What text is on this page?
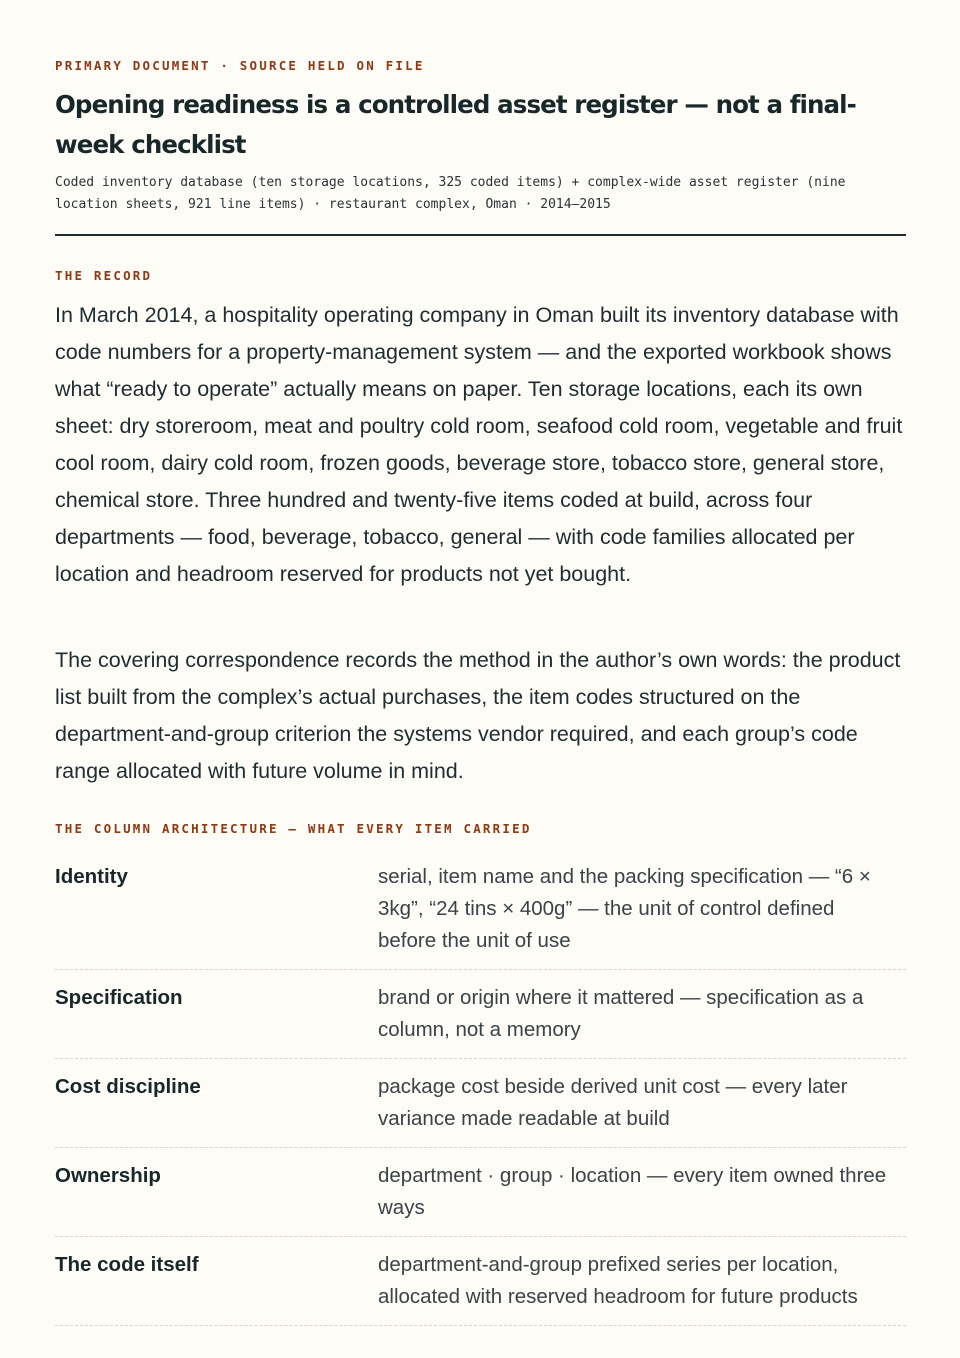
PRIMARY DOCUMENT · SOURCE HELD ON FILE
Opening readiness is a controlled asset register — not a final-week checklist
Coded inventory database (ten storage locations, 325 coded items) + complex-wide asset register (nine location sheets, 921 line items) · restaurant complex, Oman · 2014–2015
THE RECORD

In March 2014, a hospitality operating company in Oman built its inventory database with code numbers for a property-management system — and the exported workbook shows what “ready to operate” actually means on paper. Ten storage locations, each its own sheet: dry storeroom, meat and poultry cold room, seafood cold room, vegetable and fruit cool room, dairy cold room, frozen goods, beverage store, tobacco store, general store, chemical store. Three hundred and twenty-five items coded at build, across four departments — food, beverage, tobacco, general — with code families allocated per location and headroom reserved for products not yet bought.

The covering correspondence records the method in the author’s own words: the product list built from the complex’s actual purchases, the item codes structured on the department-and-group criterion the systems vendor required, and each group’s code range allocated with future volume in mind.

THE COLUMN ARCHITECTURE — WHAT EVERY ITEM CARRIED
Identity	serial, item name and the packing specification — “6 × 3kg”, “24 tins × 400g” — the unit of control defined before the unit of use
Specification	brand or origin where it mattered — specification as a column, not a memory
Cost discipline	package cost beside derived unit cost — every later variance made readable at build
Ownership	department · group · location — every item owned three ways
The code itself	department-and-group prefixed series per location, allocated with reserved headroom for future products
